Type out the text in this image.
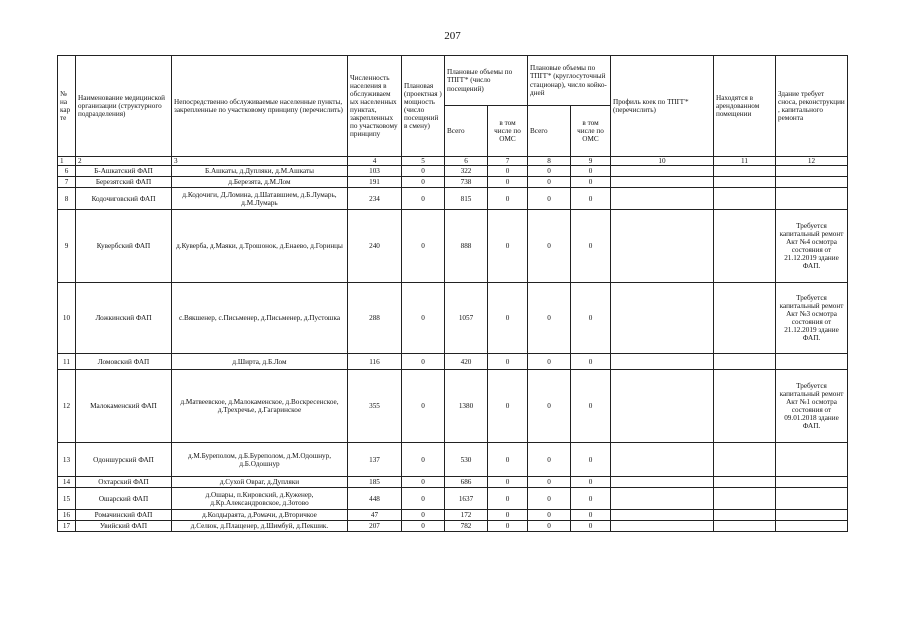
207
№ на кар те	Наименование медицинской организации (структурного подразделения)	Непосредственно обслуживаемые населенные пункты, закрепленные по участковому принципу (перечислить)	Численность населения в обслуживаем ых населенных пунктах, закрепленных по участковому принципу	Плановая (проектная ) мощность (число посещений в смену)	Плановые объемы по ТПГГ* (число посещений)		Плановые объемы по ТПГГ* (круглосуточный стационар), число койко-дней		Профиль коек по ТПГГ* (перечислить)	Находятся в арендованном помещении	Здание требует сноса, реконструкции , капитального ремонта
					Всего	в том числе по ОМС	Всего	в том числе по ОМС			
1	2	3	4	5	6	7	8	9	10	11	12
6	Б-Ашкатский ФАП	Б.Ашкаты, д.Дупляки, д.М.Ашкаты	103	0	322	0	0	0			
7	Березятский ФАП	д.Березята, д.М.Лом	191	0	738	0	0	0			
8	Кодочиговский ФАП	д.Кодочиги, Д.Ломина, д.Шатавшием, д.Б.Лумарь, д.М.Лумарь	234	0	815	0	0	0			
9	Кувербский ФАП	д.Куверба, д.Маяки, д.Трошонок, д.Енаево, д.Горинцы	240	0	888	0	0	0			Требуется капитальный ремонт Акт №4 осмотра состояния от 21.12.2019 здание ФАП.
10	Ложкинский ФАП	с.Вякшенер, с.Письменер, д.Письменер, д.Пустошка	288	0	1057	0	0	0			Требуется капитальный ремонт Акт №3 осмотра состояния от 21.12.2019 здание ФАП.
11	Ломовский ФАП	д.Ширта, д.Б.Лом	116	0	420	0	0	0			
12	Малокаменский ФАП	д.Матвеевское, д.Малокаменское, д.Воскресенское, д.Трехречье, д.Гагаринское	355	0	1380	0	0	0			Требуется капитальный ремонт Акт №1 осмотра состояния от 09.01.2018 здание ФАП.
13	Одоншурский ФАП	д.М.Буреполом, д.Б.Буреполом, д.М.Одошнур, д.Б.Одошнур	137	0	530	0	0	0			
14	Охтарский ФАП	д.Сухой Овраг, д.Дупляки	185	0	686	0	0	0			
15	Ошарский ФАП	д.Ошары, п.Кировский, д.Куженер, д.Кр.Александровское, д.Зотово	448	0	1637	0	0	0			
16	Ромачинский ФАП	д.Колдыраята, д.Ромачи, д.Вторичкое	47	0	172	0	0	0			
17	Увийский ФАП	д.Селюк, д.Плащенер, д.Шимбуй, д.Пекшик.	207	0	782	0	0	0			
